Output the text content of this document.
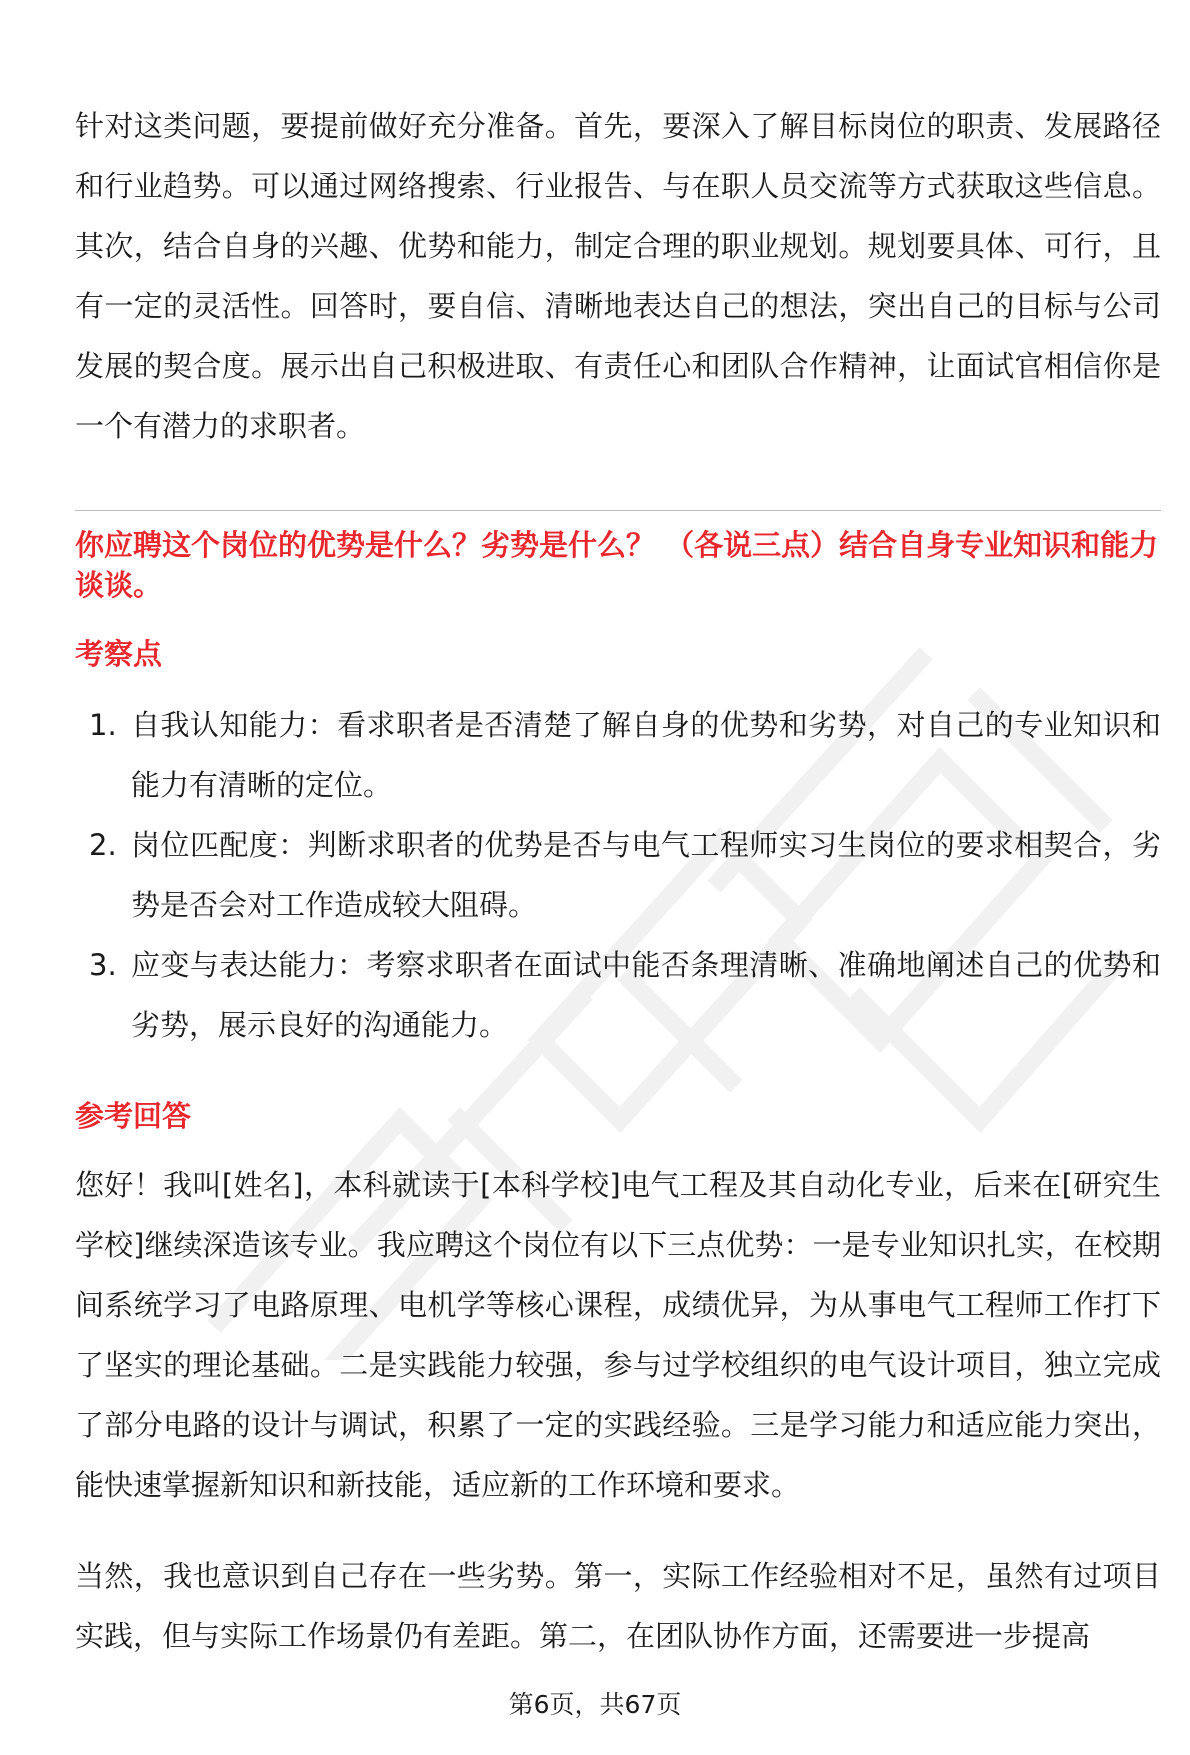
针对这类问题，要提前做好充分准备。首先，要深入了解目标岗位的职责、发展路径和行业趋势。可以通过网络搜索、行业报告、与在职人员交流等方式获取这些信息。其次，结合自身的兴趣、优势和能力，制定合理的职业规划。规划要具体、可行，且有一定的灵活性。回答时，要自信、清晰地表达自己的想法，突出自己的目标与公司发展的契合度。展示出自己积极进取、有责任心和团队合作精神，让面试官相信你是一个有潜力的求职者。

你应聘这个岗位的优势是什么？劣势是什么？ （各说三点）结合自身专业知识和能力谈谈。

考察点

1. 自我认知能力：看求职者是否清楚了解自身的优势和劣势，对自己的专业知识和能力有清晰的定位。
2. 岗位匹配度：判断求职者的优势是否与电气工程师实习生岗位的要求相契合，劣势是否会对工作造成较大阻碍。
3. 应变与表达能力：考察求职者在面试中能否条理清晰、准确地阐述自己的优势和劣势，展示良好的沟通能力。

参考回答

您好！我叫[姓名]，本科就读于[本科学校]电气工程及其自动化专业，后来在[研究生学校]继续深造该专业。我应聘这个岗位有以下三点优势：一是专业知识扎实，在校期间系统学习了电路原理、电机学等核心课程，成绩优异，为从事电气工程师工作打下了坚实的理论基础。二是实践能力较强，参与过学校组织的电气设计项目，独立完成了部分电路的设计与调试，积累了一定的实践经验。三是学习能力和适应能力突出，能快速掌握新知识和新技能，适应新的工作环境和要求。

当然，我也意识到自己存在一些劣势。第一，实际工作经验相对不足，虽然有过项目实践，但与实际工作场景仍有差距。第二，在团队协作方面，还需要进一步提高

第6页，共67页
